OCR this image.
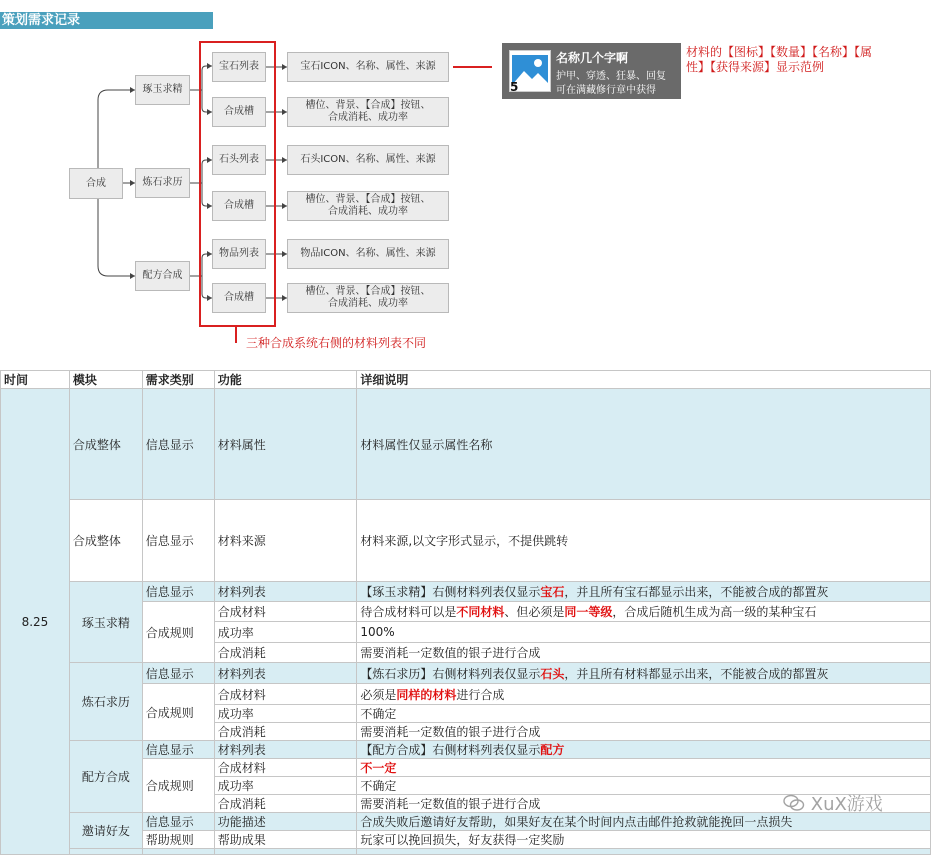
策划需求记录
合成
琢玉求精
炼石求历
配方合成
宝石列表
合成槽
石头列表
合成槽
物品列表
合成槽
宝石ICON、名称、属性、来源
槽位、背景、【合成】按钮、
合成消耗、成功率
石头ICON、名称、属性、来源
槽位、背景、【合成】按钮、
合成消耗、成功率
物品ICON、名称、属性、来源
槽位、背景、【合成】按钮、
合成消耗、成功率
三种合成系统右侧的材料列表不同
5
名称几个字啊
护甲、穿透、狂暴、回复
可在满藏修行章中获得
材料的【图标】【数量】【名称】【属
性】【获得来源】显示范例
时间	模块	需求类别	功能	详细说明
8.25	合成整体	信息显示	材料属性	材料属性仅显示属性名称
	合成整体	信息显示	材料来源	材料来源,以文字形式显示，不提供跳转
	琢玉求精	信息显示	材料列表	【琢玉求精】右侧材料列表仅显示宝石，并且所有宝石都显示出来，不能被合成的都置灰
		合成规则	合成材料	待合成材料可以是不同材料、但必须是同一等级，合成后随机生成为高一级的某种宝石
			成功率	100%
			合成消耗	需要消耗一定数值的银子进行合成
	炼石求历	信息显示	材料列表	【炼石求历】右侧材料列表仅显示石头，并且所有材料都显示出来，不能被合成的都置灰
		合成规则	合成材料	必须是同样的材料进行合成
			成功率	不确定
			合成消耗	需要消耗一定数值的银子进行合成
	配方合成	信息显示	材料列表	【配方合成】右侧材料列表仅显示配方
		合成规则	合成材料	不一定
			成功率	不确定
			合成消耗	需要消耗一定数值的银子进行合成
	邀请好友	信息显示	功能描述	合成失败后邀请好友帮助，如果好友在某个时间内点击邮件抢救就能挽回一点损失
		帮助规则	帮助成果	玩家可以挽回损失，好友获得一定奖励

XuX游戏
